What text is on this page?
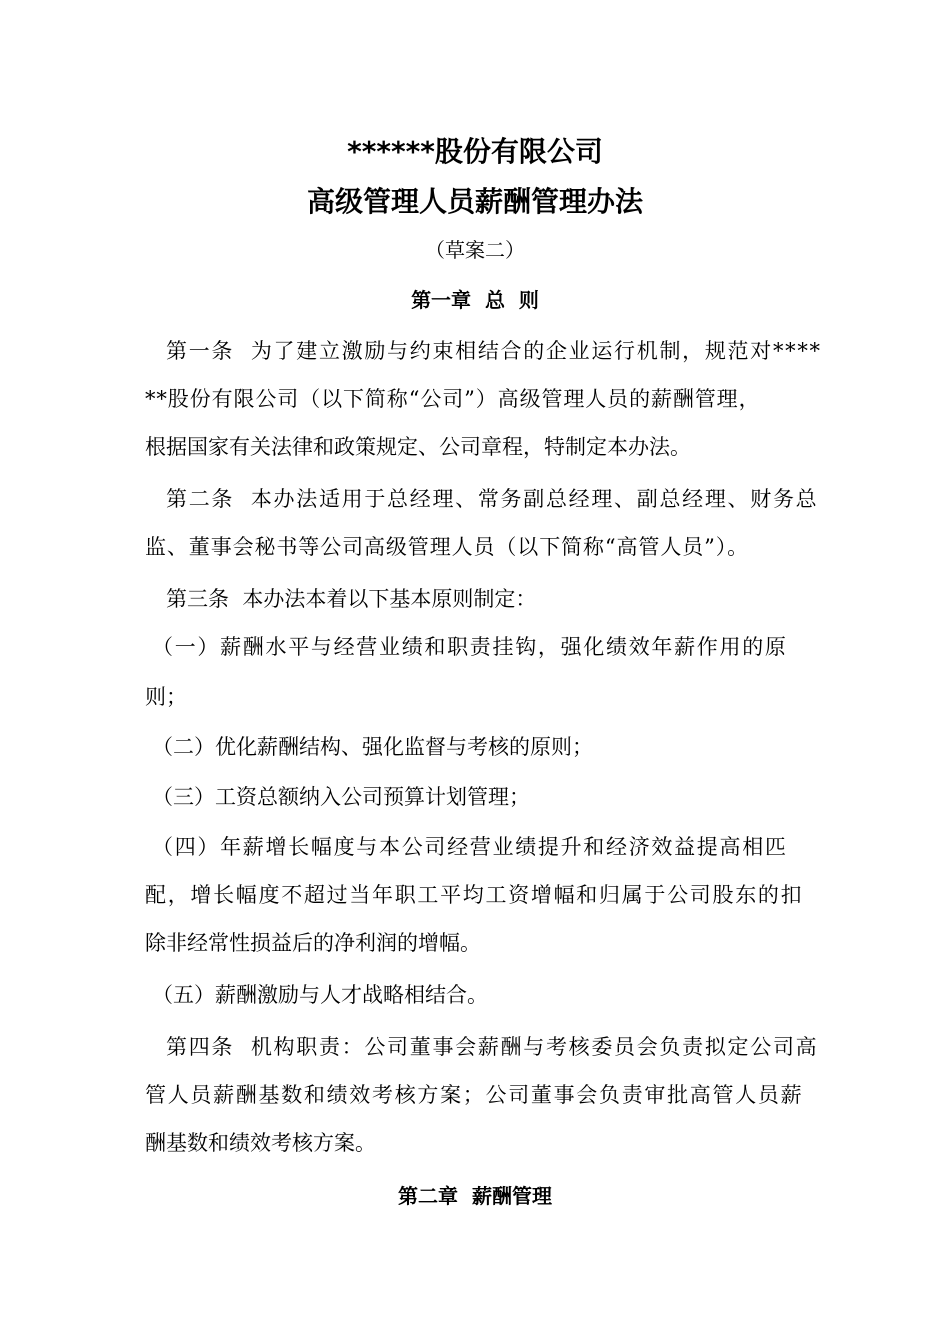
******股份有限公司
高级管理人员薪酬管理办法
（草案二）
第一章  总  则
第一条  为了建立激励与约束相结合的企业运行机制，规范对****
**股份有限公司（以下简称“公司”）高级管理人员的薪酬管理，
根据国家有关法律和政策规定、公司章程，特制定本办法。
第二条  本办法适用于总经理、常务副总经理、副总经理、财务总
监、董事会秘书等公司高级管理人员（以下简称“高管人员”）。
第三条  本办法本着以下基本原则制定：
（一）薪酬水平与经营业绩和职责挂钩，强化绩效年薪作用的原
则；
（二）优化薪酬结构、强化监督与考核的原则；
（三）工资总额纳入公司预算计划管理；
（四）年薪增长幅度与本公司经营业绩提升和经济效益提高相匹
配，增长幅度不超过当年职工平均工资增幅和归属于公司股东的扣
除非经常性损益后的净利润的增幅。
（五）薪酬激励与人才战略相结合。
第四条  机构职责：公司董事会薪酬与考核委员会负责拟定公司高
管人员薪酬基数和绩效考核方案；公司董事会负责审批高管人员薪
酬基数和绩效考核方案。
第二章  薪酬管理
